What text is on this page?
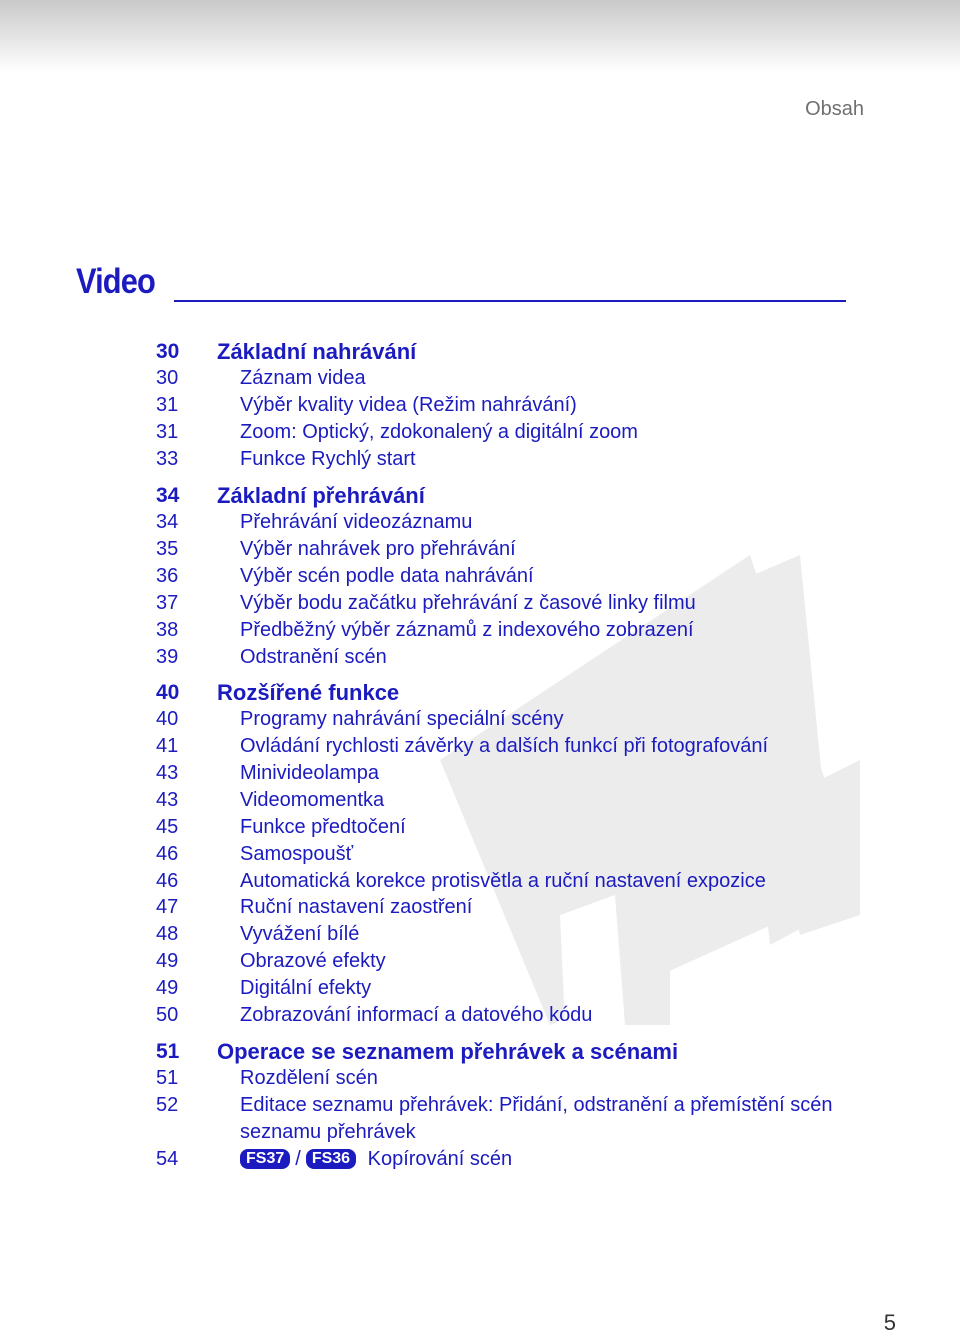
Obsah
Video
30	Základní nahrávání
30	Záznam videa
31	Výběr kvality videa (Režim nahrávání)
31	Zoom: Optický, zdokonalený a digitální zoom
33	Funkce Rychlý start
34	Základní přehrávání
34	Přehrávání videozáznamu
35	Výběr nahrávek pro přehrávání
36	Výběr scén podle data nahrávání
37	Výběr bodu začátku přehrávání z časové linky filmu
38	Předběžný výběr záznamů z indexového zobrazení
39	Odstranění scén
40	Rozšířené funkce
40	Programy nahrávání speciální scény
41	Ovládání rychlosti závěrky a dalších funkcí při fotografování
43	Minivideolampa
43	Videomomentka
45	Funkce předtočení
46	Samospoušť
46	Automatická korekce protisvětla a ruční nastavení expozice
47	Ruční nastavení zaostření
48	Vyvážení bílé
49	Obrazové efekty
49	Digitální efekty
50	Zobrazování informací a datového kódu
51	Operace se seznamem přehrávek a scénami
51	Rozdělení scén
52	Editace seznamu přehrávek: Přidání, odstranění a přemístění scén seznamu přehrávek
54	FS37 / FS36 Kopírování scén
5
